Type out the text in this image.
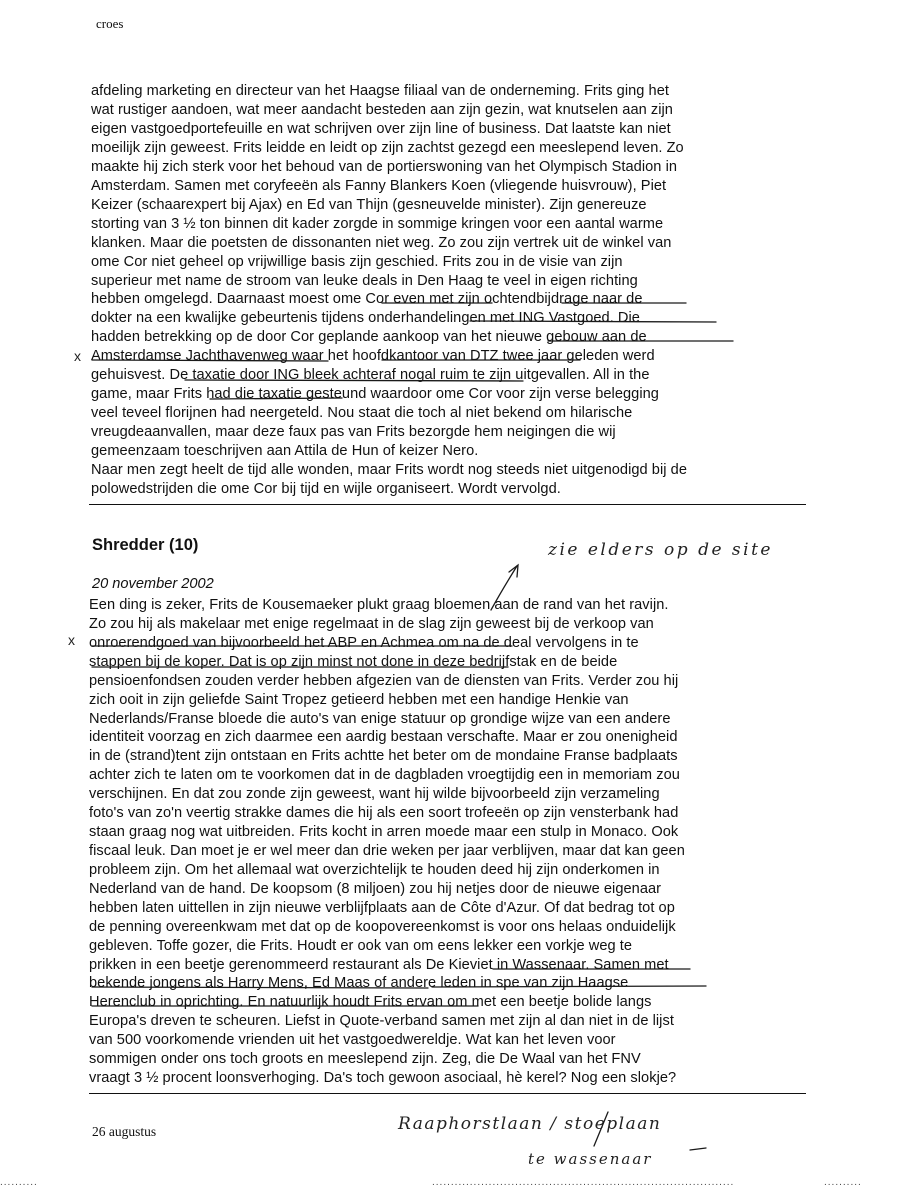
croes
afdeling marketing en directeur van het Haagse filiaal van de onderneming. Frits ging het
wat rustiger aandoen, wat meer aandacht besteden aan zijn gezin, wat knutselen aan zijn
eigen vastgoedportefeuille en wat schrijven over zijn line of business. Dat laatste kan niet
moeilijk zijn geweest. Frits leidde en leidt op zijn zachtst gezegd een meeslepend leven. Zo
maakte hij zich sterk voor het behoud van de portierswoning van het Olympisch Stadion in
Amsterdam. Samen met coryfeeën als Fanny Blankers Koen (vliegende huisvrouw), Piet
Keizer (schaarexpert bij Ajax) en Ed van Thijn (gesneuvelde minister). Zijn genereuze
storting van 3 ½ ton binnen dit kader zorgde in sommige kringen voor een aantal warme
klanken. Maar die poetsten de dissonanten niet weg. Zo zou zijn vertrek uit de winkel van
ome Cor niet geheel op vrijwillige basis zijn geschied. Frits zou in de visie van zijn
superieur met name de stroom van leuke deals in Den Haag te veel in eigen richting
hebben omgelegd. Daarnaast moest ome Cor even met zijn ochtendbijdrage naar de
dokter na een kwalijke gebeurtenis tijdens onderhandelingen met ING Vastgoed. Die
hadden betrekking op de door Cor geplande aankoop van het nieuwe gebouw aan de
Amsterdamse Jachthavenweg waar het hoofdkantoor van DTZ twee jaar geleden werd
gehuisvest. De taxatie door ING bleek achteraf nogal ruim te zijn uitgevallen. All in the
game, maar Frits had die taxatie gesteund waardoor ome Cor voor zijn verse belegging
veel teveel florijnen had neergeteld. Nou staat die toch al niet bekend om hilarische
vreugdeaanvallen, maar deze faux pas van Frits bezorgde hem neigingen die wij
gemeenzaam toeschrijven aan Attila de Hun of keizer Nero.
Naar men zegt heelt de tijd alle wonden, maar Frits wordt nog steeds niet uitgenodigd bij de
polowedstrijden die ome Cor bij tijd en wijle organiseert. Wordt vervolgd.
Shredder (10)
20 november 2002
Een ding is zeker, Frits de Kousemaeker plukt graag bloemen aan de rand van het ravijn.
Zo zou hij als makelaar met enige regelmaat in de slag zijn geweest bij de verkoop van
onroerendgoed van bijvoorbeeld het ABP en Achmea om na de deal vervolgens in te
stappen bij de koper. Dat is op zijn minst not done in deze bedrijfstak en de beide
pensioenfondsen zouden verder hebben afgezien van de diensten van Frits. Verder zou hij
zich ooit in zijn geliefde Saint Tropez getieerd hebben met een handige Henkie van
Nederlands/Franse bloede die auto's van enige statuur op grondige wijze van een andere
identiteit voorzag en zich daarmee een aardig bestaan verschafte. Maar er zou onenigheid
in de (strand)tent zijn ontstaan en Frits achtte het beter om de mondaine Franse badplaats
achter zich te laten om te voorkomen dat in de dagbladen vroegtijdig een in memoriam zou
verschijnen. En dat zou zonde zijn geweest, want hij wilde bijvoorbeeld zijn verzameling
foto's van zo'n veertig strakke dames die hij als een soort trofeeën op zijn vensterbank had
staan graag nog wat uitbreiden. Frits kocht in arren moede maar een stulp in Monaco. Ook
fiscaal leuk. Dan moet je er wel meer dan drie weken per jaar verblijven, maar dat kan geen
probleem zijn. Om het allemaal wat overzichtelijk te houden deed hij zijn onderkomen in
Nederland van de hand. De koopsom (8 miljoen) zou hij netjes door de nieuwe eigenaar
hebben laten uittellen in zijn nieuwe verblijfplaats aan de Côte d'Azur. Of dat bedrag tot op
de penning overeenkwam met dat op de koopovereenkomst is voor ons helaas onduidelijk
gebleven. Toffe gozer, die Frits. Houdt er ook van om eens lekker een vorkje weg te
prikken in een beetje gerenommeerd restaurant als De Kieviet in Wassenaar. Samen met
bekende jongens als Harry Mens, Ed Maas of andere leden in spe van zijn Haagse
Herenclub in oprichting. En natuurlijk houdt Frits ervan om met een beetje bolide langs
Europa's dreven te scheuren. Liefst in Quote-verband samen met zijn al dan niet in de lijst
van 500 voorkomende vrienden uit het vastgoedwereldje. Wat kan het leven voor
sommigen onder ons toch groots en meeslepend zijn. Zeg, die De Waal van het FNV
vraagt 3 ½ procent loonsverhoging. Da's toch gewoon asociaal, hè kerel? Nog een slokje?
26 augustus
zie elders op de site
Raaphorstlaan / stoeplaan
te wassenaar
x
x
..........	................................................................................	..........
